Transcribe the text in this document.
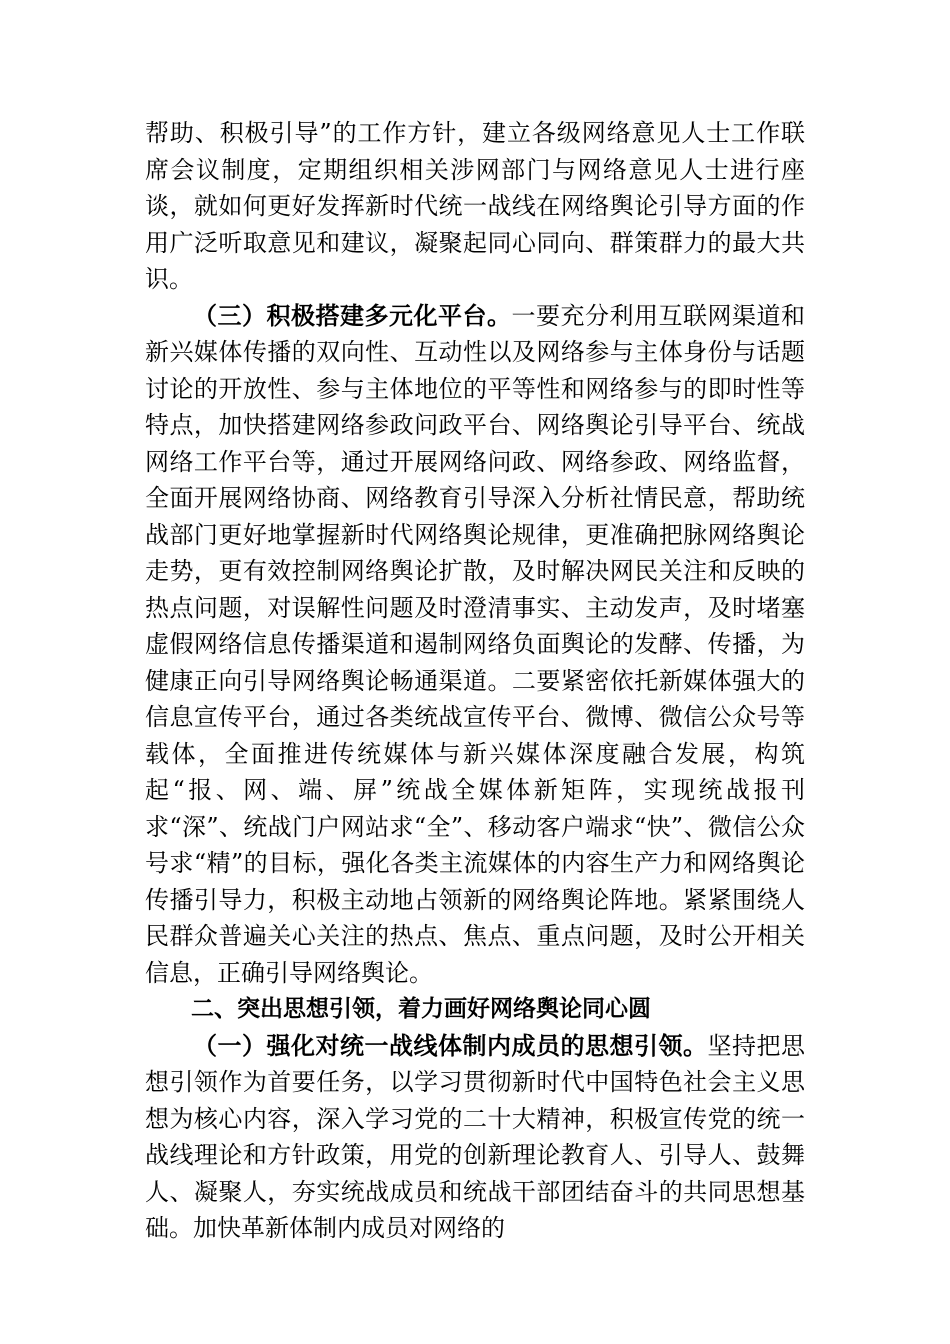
帮助、积极引导”的工作方针，建立各级网络意见人士工作联席会议制度，定期组织相关涉网部门与网络意见人士进行座谈，就如何更好发挥新时代统一战线在网络舆论引导方面的作用广泛听取意见和建议，凝聚起同心同向、群策群力的最大共识。

（三）积极搭建多元化平台。一要充分利用互联网渠道和新兴媒体传播的双向性、互动性以及网络参与主体身份与话题讨论的开放性、参与主体地位的平等性和网络参与的即时性等特点，加快搭建网络参政问政平台、网络舆论引导平台、统战网络工作平台等，通过开展网络问政、网络参政、网络监督，全面开展网络协商、网络教育引导深入分析社情民意，帮助统战部门更好地掌握新时代网络舆论规律，更准确把脉网络舆论走势，更有效控制网络舆论扩散，及时解决网民关注和反映的热点问题，对误解性问题及时澄清事实、主动发声，及时堵塞虚假网络信息传播渠道和遏制网络负面舆论的发酵、传播，为健康正向引导网络舆论畅通渠道。二要紧密依托新媒体强大的信息宣传平台，通过各类统战宣传平台、微博、微信公众号等载体，全面推进传统媒体与新兴媒体深度融合发展，构筑起“报、网、端、屏”统战全媒体新矩阵，实现统战报刊求“深”、统战门户网站求“全”、移动客户端求“快”、微信公众号求“精”的目标，强化各类主流媒体的内容生产力和网络舆论传播引导力，积极主动地占领新的网络舆论阵地。紧紧围绕人民群众普遍关心关注的热点、焦点、重点问题，及时公开相关信息，正确引导网络舆论。

二、突出思想引领，着力画好网络舆论同心圆

（一）强化对统一战线体制内成员的思想引领。坚持把思想引领作为首要任务，以学习贯彻新时代中国特色社会主义思想为核心内容，深入学习党的二十大精神，积极宣传党的统一战线理论和方针政策，用党的创新理论教育人、引导人、鼓舞人、凝聚人，夯实统战成员和统战干部团结奋斗的共同思想基础。加快革新体制内成员对网络的
